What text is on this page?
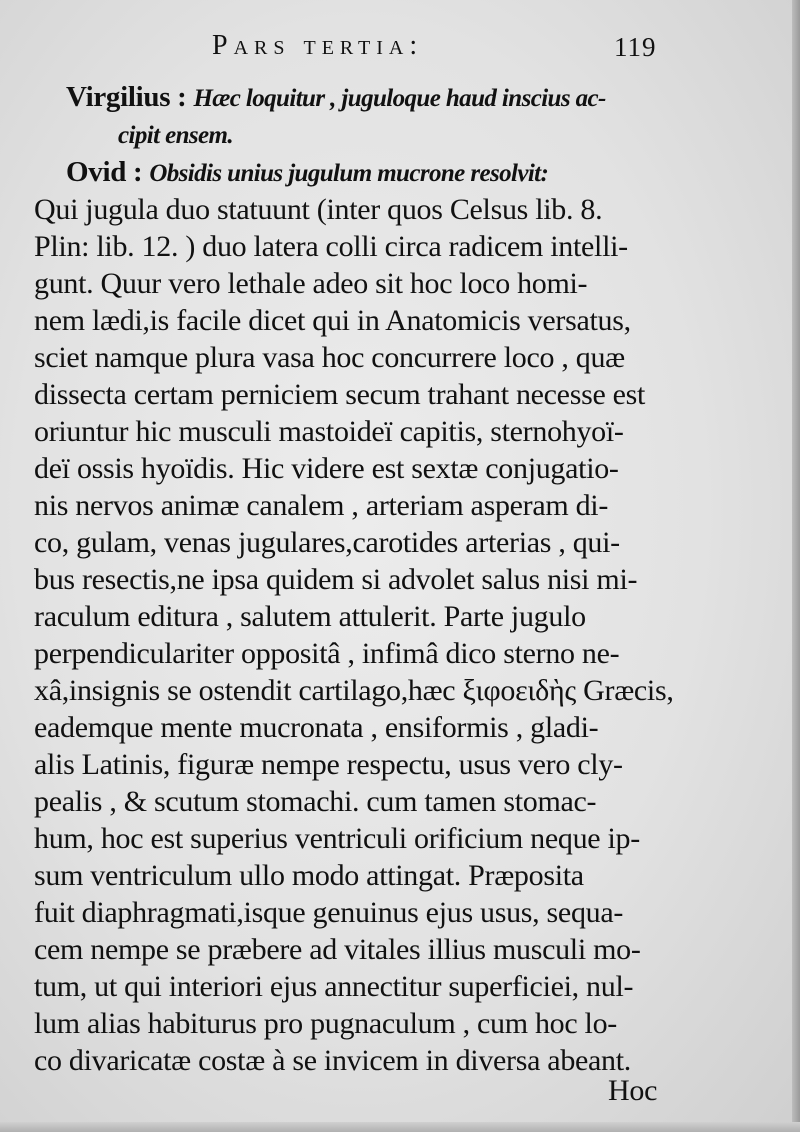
Pars tertia:	119
Virgilius : Hæc loquitur , juguloque haud inscius ac-
cipit ensem.
Ovid : Obsidis unius jugulum mucrone resolvit:
Qui jugula duo statuunt (inter quos Celsus lib. 8.
Plin: lib. 12. ) duo latera colli circa radicem intelli-
gunt. Quur vero lethale adeo sit hoc loco homi-
nem lædi,is facile dicet qui in Anatomicis versatus,
sciet namque plura vasa hoc concurrere loco , quæ
dissecta certam perniciem secum trahant necesse est
oriuntur hic musculi mastoideï capitis, sternohyoï-
deï ossis hyoïdis. Hic videre est sextæ conjugatio-
nis nervos animæ canalem , arteriam asperam di-
co, gulam, venas jugulares,carotides arterias , qui-
bus resectis,ne ipsa quidem si advolet salus nisi mi-
raculum editura , salutem attulerit. Parte jugulo
perpendiculariter oppositâ , infimâ dico sterno ne-
xâ,insignis se ostendit cartilago,hæc ξιφοειδὴς Græcis,
eademque mente mucronata , ensiformis , gladi-
alis Latinis, figuræ nempe respectu, usus vero cly-
pealis , & scutum stomachi. cum tamen stomac-
hum, hoc est superius ventriculi orificium neque ip-
sum ventriculum ullo modo attingat. Præposita
fuit diaphragmati,isque genuinus ejus usus, sequa-
cem nempe se præbere ad vitales illius musculi mo-
tum, ut qui interiori ejus annectitur superficiei, nul-
lum alias habiturus pro pugnaculum , cum hoc lo-
co divaricatæ costæ à se invicem in diversa abeant.
Hoc
